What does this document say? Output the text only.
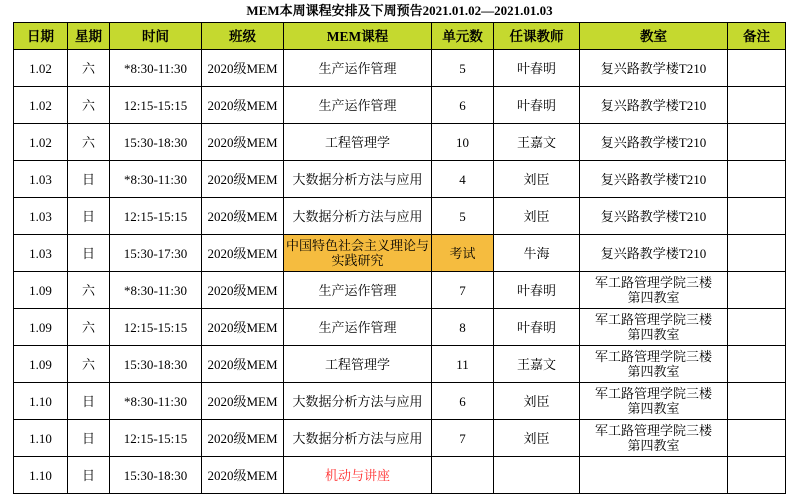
MEM本周课程安排及下周预告2021.01.02—2021.01.03
日期	星期	时间	班级	MEM课程	单元数	任课教师	教室	备注
1.02	六	*8:30-11:30	2020级MEM	生产运作管理	5	叶春明	复兴路教学楼T210	
1.02	六	12:15-15:15	2020级MEM	生产运作管理	6	叶春明	复兴路教学楼T210	
1.02	六	15:30-18:30	2020级MEM	工程管理学	10	王嘉文	复兴路教学楼T210	
1.03	日	*8:30-11:30	2020级MEM	大数据分析方法与应用	4	刘臣	复兴路教学楼T210	
1.03	日	12:15-15:15	2020级MEM	大数据分析方法与应用	5	刘臣	复兴路教学楼T210	
1.03	日	15:30-17:30	2020级MEM	中国特色社会主义理论与实践研究	考试	牛海	复兴路教学楼T210	
1.09	六	*8:30-11:30	2020级MEM	生产运作管理	7	叶春明	军工路管理学院三楼
第四教室	

1.09	六	12:15-15:15	2020级MEM	生产运作管理	8	叶春明	军工路管理学院三楼
第四教室	

1.09	六	15:30-18:30	2020级MEM	工程管理学	11	王嘉文	军工路管理学院三楼
第四教室	

1.10	日	*8:30-11:30	2020级MEM	大数据分析方法与应用	6	刘臣	军工路管理学院三楼
第四教室	

1.10	日	12:15-15:15	2020级MEM	大数据分析方法与应用	7	刘臣	军工路管理学院三楼
第四教室	

1.10	日	15:30-18:30	2020级MEM	机动与讲座				
